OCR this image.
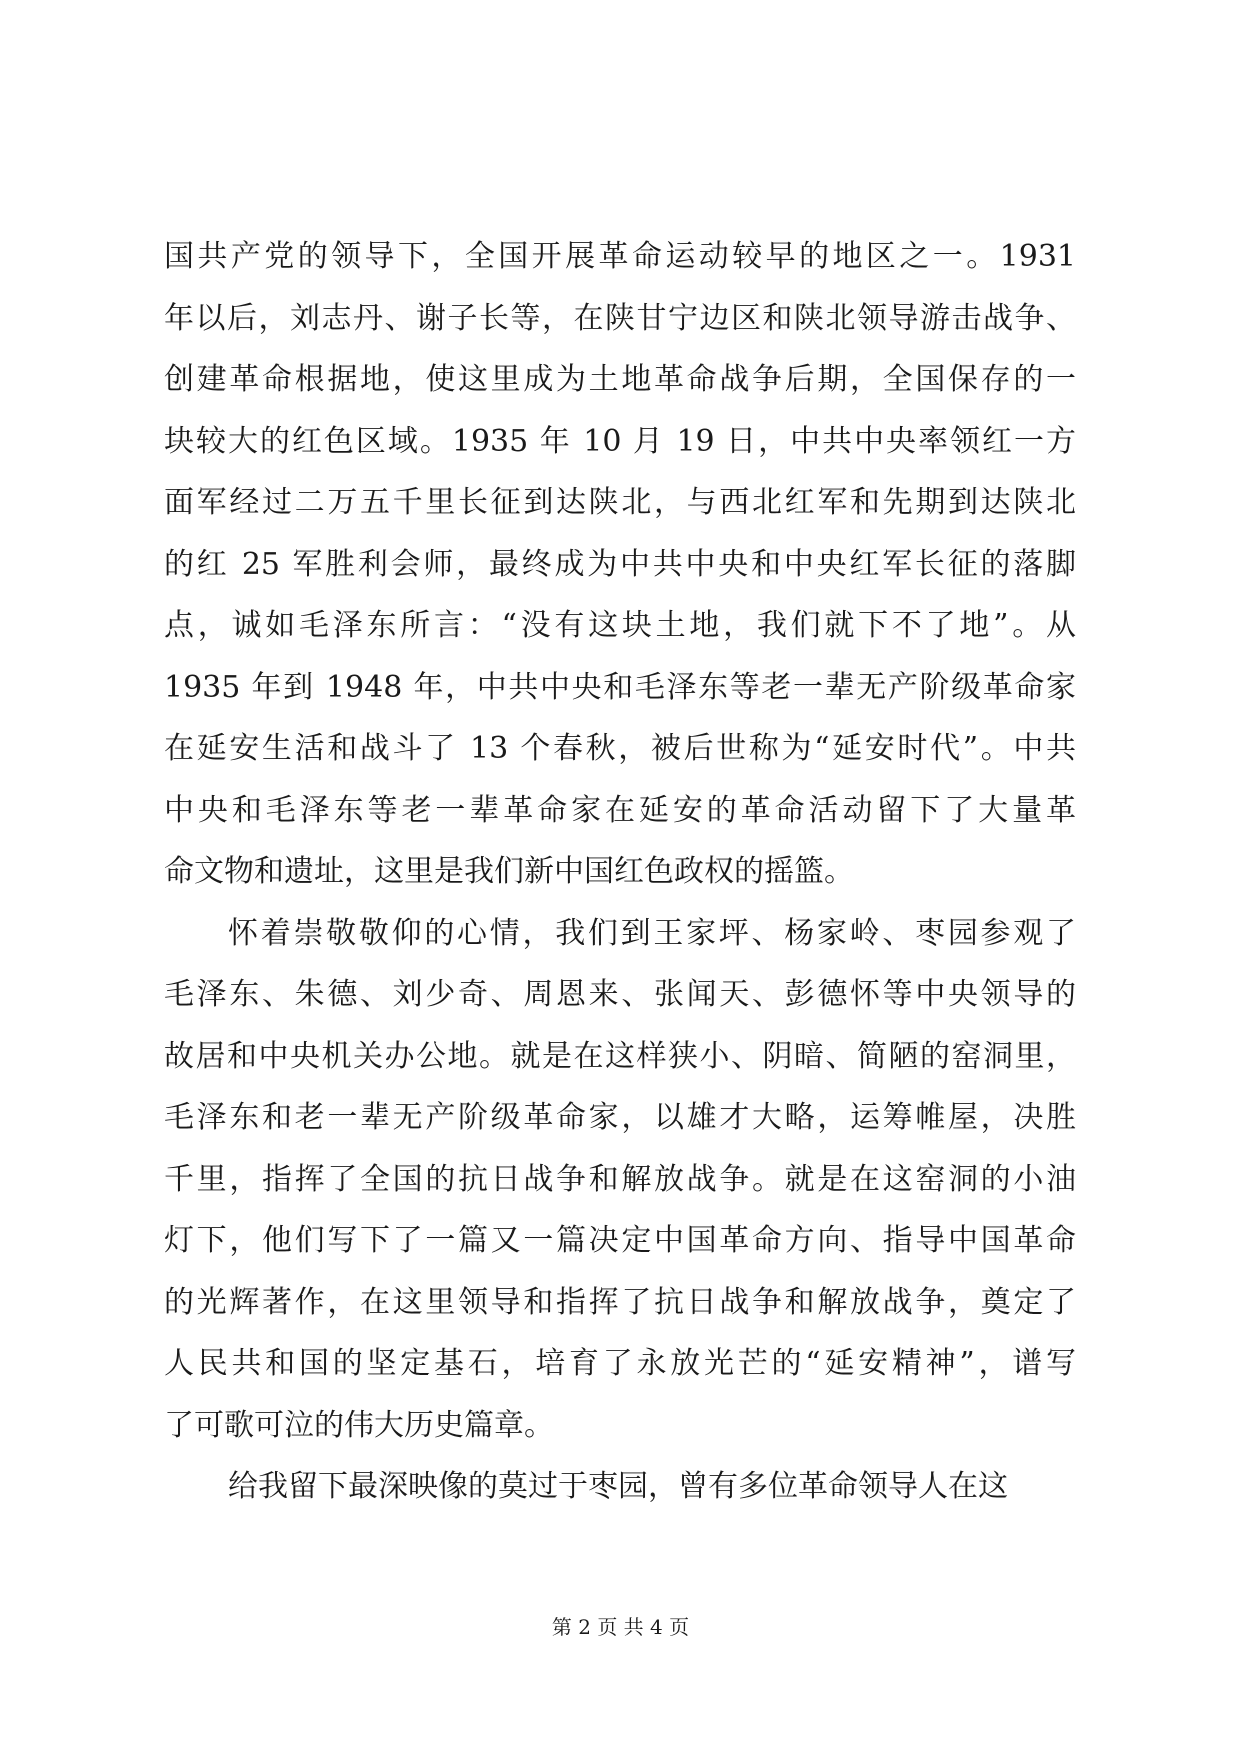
国共产党的领导下，全国开展革命运动较早的地区之一。1931
年以后，刘志丹、谢子长等，在陕甘宁边区和陕北领导游击战争、
创建革命根据地，使这里成为土地革命战争后期，全国保存的一
块较大的红色区域。1935 年 10 月 19 日，中共中央率领红一方
面军经过二万五千里长征到达陕北，与西北红军和先期到达陕北
的红 25 军胜利会师，最终成为中共中央和中央红军长征的落脚
点，诚如毛泽东所言：“没有这块土地，我们就下不了地”。从
1935 年到 1948 年，中共中央和毛泽东等老一辈无产阶级革命家
在延安生活和战斗了 13 个春秋，被后世称为“延安时代”。中共
中央和毛泽东等老一辈革命家在延安的革命活动留下了大量革
命文物和遗址，这里是我们新中国红色政权的摇篮。
怀着崇敬敬仰的心情，我们到王家坪、杨家岭、枣园参观了
毛泽东、朱德、刘少奇、周恩来、张闻天、彭德怀等中央领导的
故居和中央机关办公地。就是在这样狭小、阴暗、简陋的窑洞里，
毛泽东和老一辈无产阶级革命家，以雄才大略，运筹帷屋，决胜
千里，指挥了全国的抗日战争和解放战争。就是在这窑洞的小油
灯下，他们写下了一篇又一篇决定中国革命方向、指导中国革命
的光辉著作，在这里领导和指挥了抗日战争和解放战争，奠定了
人民共和国的坚定基石，培育了永放光芒的“延安精神”，谱写
了可歌可泣的伟大历史篇章。
给我留下最深映像的莫过于枣园，曾有多位革命领导人在这
第 2 页 共 4 页
